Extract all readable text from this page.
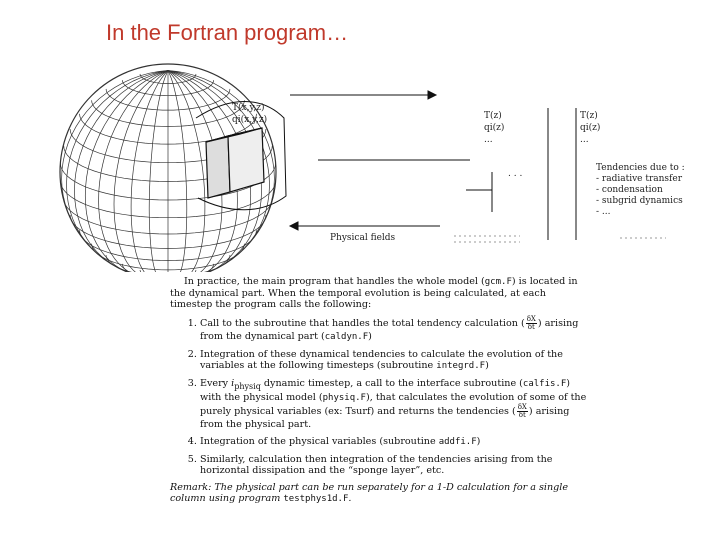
In the Fortran program…
T(x,y,z)
qi(x,y,z)	T(z)
qi(z)
...
T(z)
qi(z)
...
. . .
Tendencies due to :
- radiative transfer
- condensation
- subgrid dynamics
- ...
Physical fields

In practice, the main program that handles the whole model (gcm.F) is located in the dynamical part. When the temporal evolution is being calculated, at each timestep the program calls the following:

1. Call to the subroutine that handles the total tendency calculation ( $\frac{\delta X}{\delta t}$ ) arising from the dynamical part (caldyn.F)
2. Integration of these dynamical tendencies to calculate the evolution of the variables at the following timesteps (subroutine integrd.F)
3. Every $i_{physiq}$ dynamic timestep, a call to the interface subroutine (calfis.F) with the physical model (physiq.F), that calculates the evolution of some of the purely physical variables (ex: Tsurf) and returns the tendencies ( $\frac{\delta X}{\delta t}$ ) arising from the physical part.
4. Integration of the physical variables (subroutine addfi.F)
5. Similarly, calculation then integration of the tendencies arising from the horizontal dissipation and the “sponge layer”, etc.
Remark: The physical part can be run separately for a 1-D calculation for a single column using program testphys1d.F.
